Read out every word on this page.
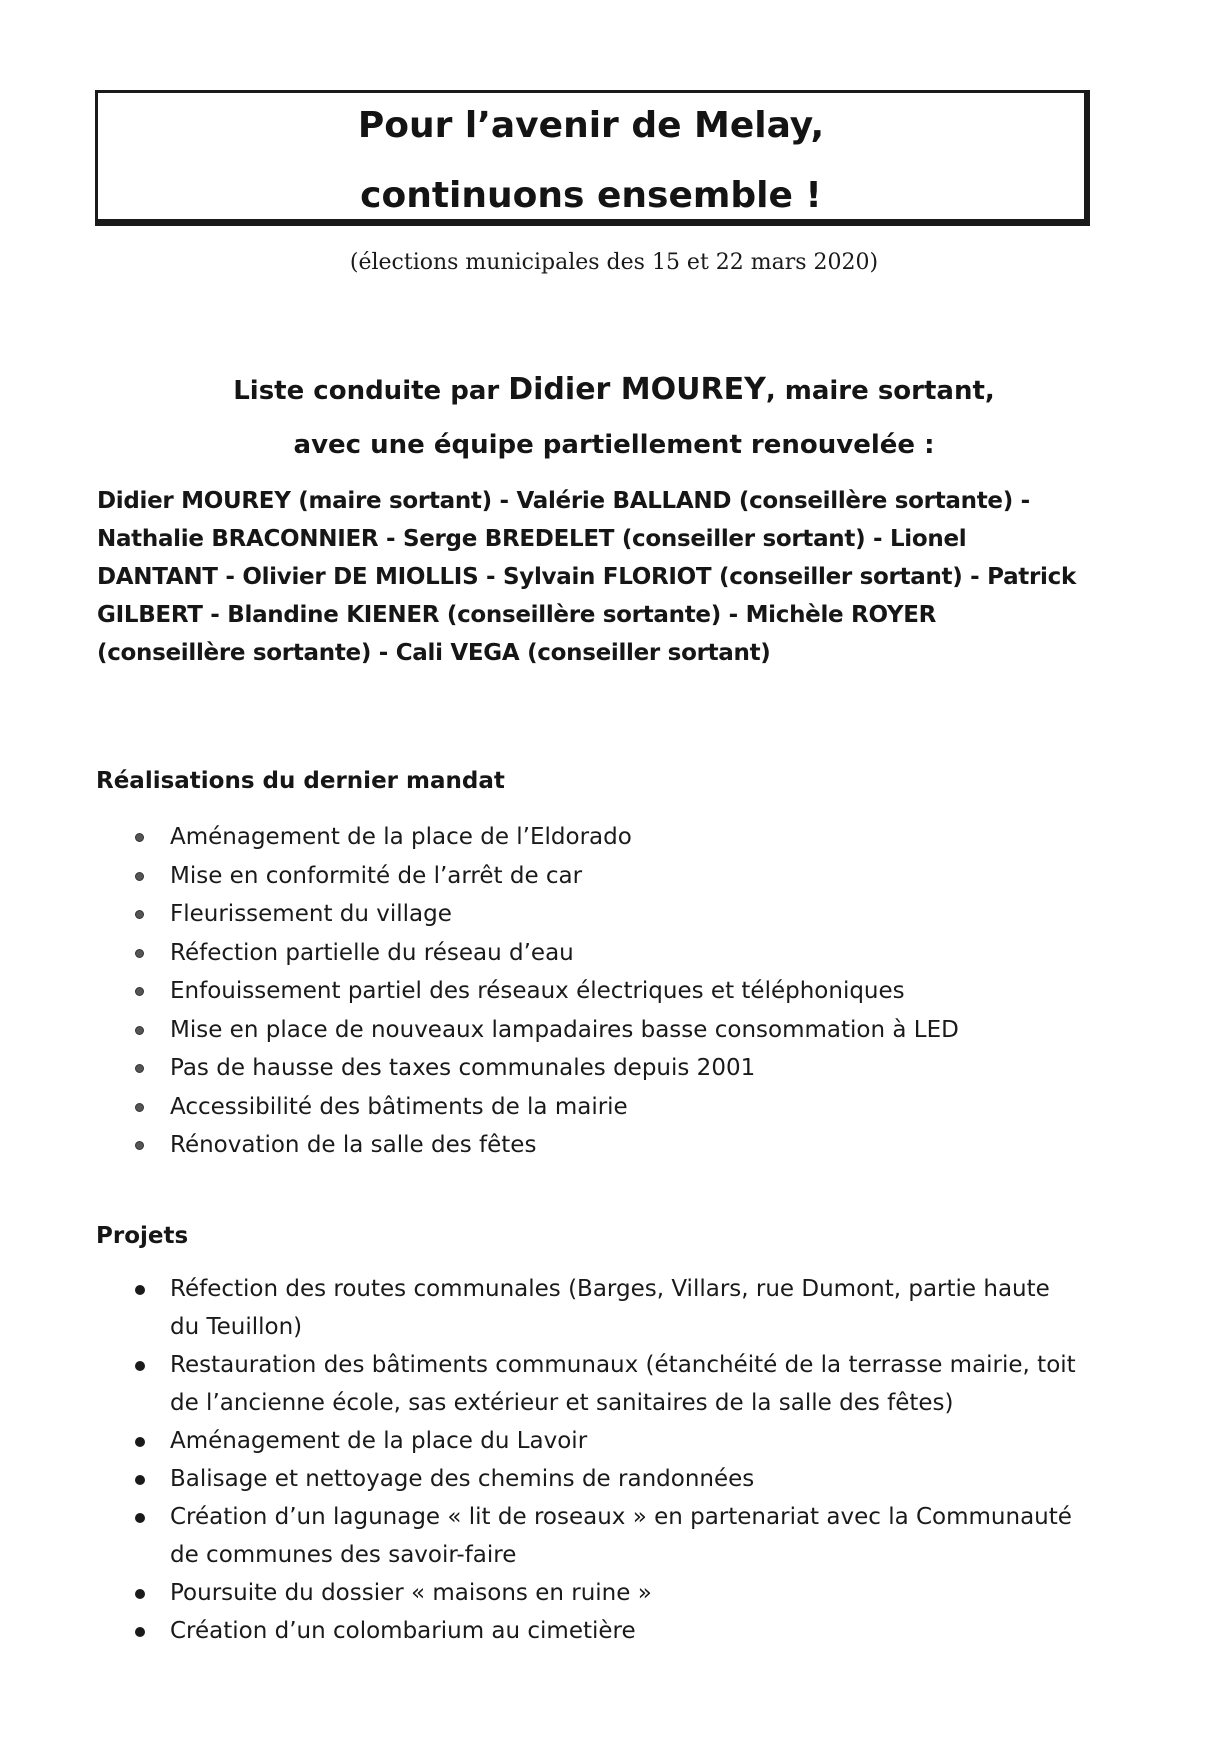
Pour l’avenir de Melay,
continuons ensemble !
(élections municipales des 15 et 22 mars 2020)
Liste conduite par Didier MOUREY, maire sortant,
avec une équipe partiellement renouvelée :
Didier MOUREY (maire sortant) - Valérie BALLAND (conseillère sortante) - Nathalie BRACONNIER - Serge BREDELET (conseiller sortant) - Lionel DANTANT - Olivier DE MIOLLIS - Sylvain FLORIOT (conseiller sortant) - Patrick GILBERT - Blandine KIENER (conseillère sortante) - Michèle ROYER (conseillère sortante) - Cali VEGA (conseiller sortant)
Réalisations du dernier mandat
Aménagement de la place de l’Eldorado
Mise en conformité de l’arrêt de car
Fleurissement du village
Réfection partielle du réseau d’eau
Enfouissement partiel des réseaux électriques et téléphoniques
Mise en place de nouveaux lampadaires basse consommation à LED
Pas de hausse des taxes communales depuis 2001
Accessibilité des bâtiments de la mairie
Rénovation de la salle des fêtes
Projets
Réfection des routes communales (Barges, Villars, rue Dumont, partie haute du Teuillon)
Restauration des bâtiments communaux (étanchéité de la terrasse mairie, toit de l’ancienne école, sas extérieur et sanitaires de la salle des fêtes)
Aménagement de la place du Lavoir
Balisage et nettoyage des chemins de randonnées
Création d’un lagunage « lit de roseaux » en partenariat avec la Communauté de communes des savoir-faire
Poursuite du dossier « maisons en ruine »
Création d’un colombarium au cimetière
